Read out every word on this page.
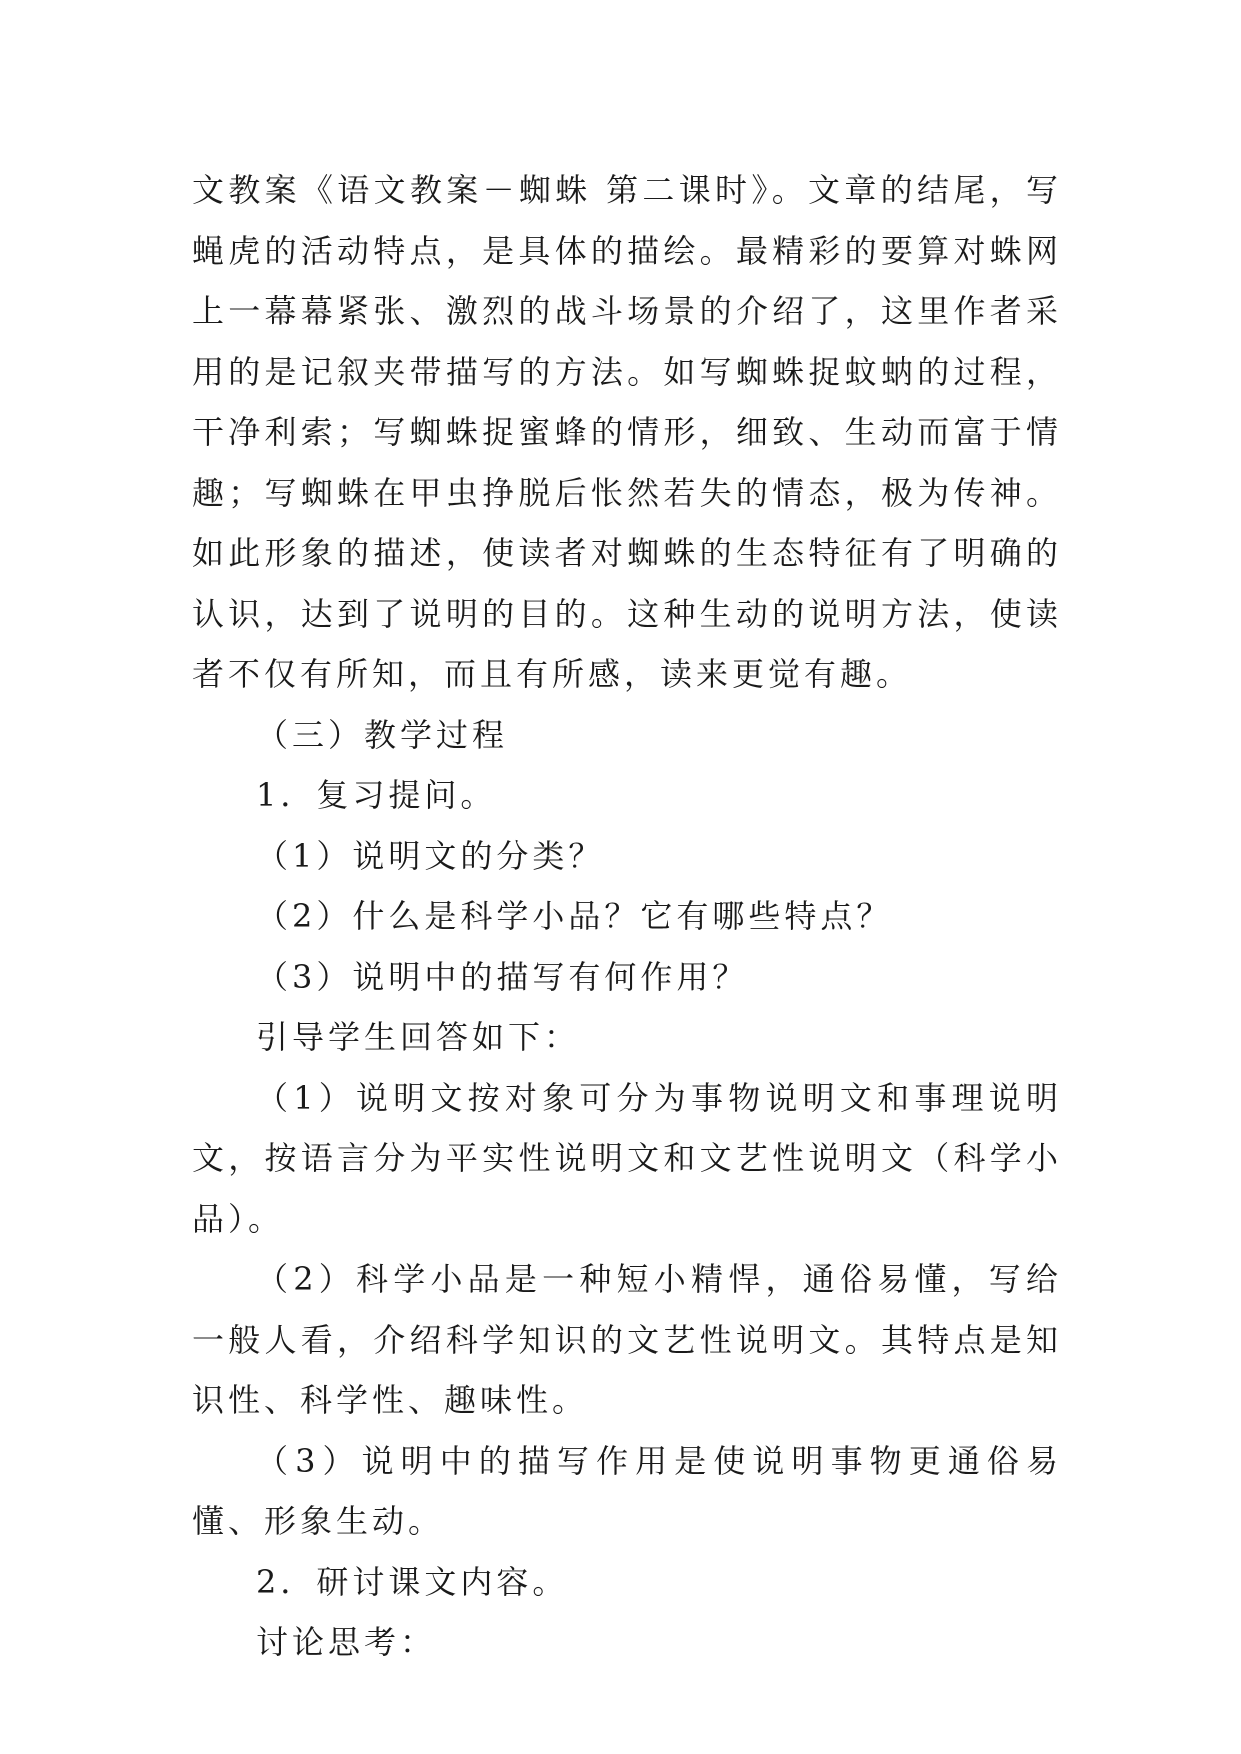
文教案《语文教案－蜘蛛 第二课时》。文章的结尾，写蝇虎的活动特点，是具体的描绘。最精彩的要算对蛛网上一幕幕紧张、激烈的战斗场景的介绍了，这里作者采用的是记叙夹带描写的方法。如写蜘蛛捉蚊蚋的过程，干净利索；写蜘蛛捉蜜蜂的情形，细致、生动而富于情趣；写蜘蛛在甲虫挣脱后怅然若失的情态，极为传神。如此形象的描述，使读者对蜘蛛的生态特征有了明确的认识，达到了说明的目的。这种生动的说明方法，使读者不仅有所知，而且有所感，读来更觉有趣。

（三）教学过程

1．复习提问。

（1）说明文的分类？

（2）什么是科学小品？它有哪些特点？

（3）说明中的描写有何作用？

引导学生回答如下：

（1）说明文按对象可分为事物说明文和事理说明文，按语言分为平实性说明文和文艺性说明文（科学小品）。

（2）科学小品是一种短小精悍，通俗易懂，写给一般人看，介绍科学知识的文艺性说明文。其特点是知识性、科学性、趣味性。

（3）说明中的描写作用是使说明事物更通俗易懂、形象生动。

2．研讨课文内容。

讨论思考：
